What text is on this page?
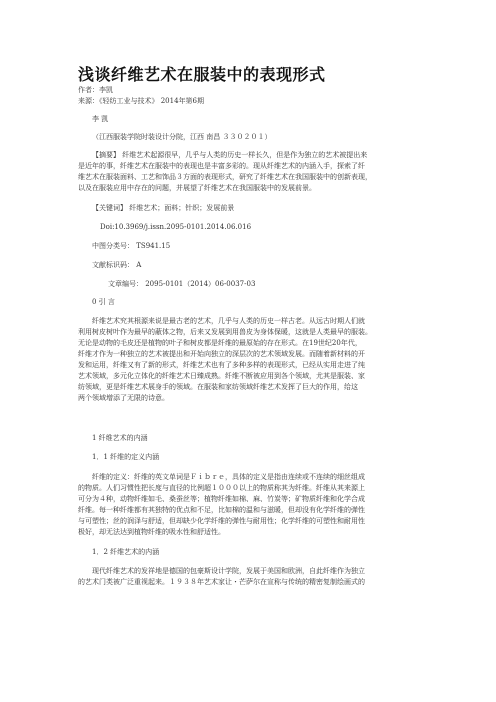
浅谈纤维艺术在服装中的表现形式
作者：李凯
来源：《轻纺工业与技术》 2014年第6期
李 凯
（江西服装学院时装设计分院，江西 南昌 ３３０２０１）
【摘要】 纤维艺术起源很早，几乎与人类的历史一样长久，但是作为独立的艺术被提出来
是近年的事，纤维艺术在服装中的表现也是丰富多彩的。现从纤维艺术的内涵入手，探索了纤
维艺术在服装面料、工艺和饰品３方面的表现形式，研究了纤维艺术在我国服装中的创新表现，
以及在服装应用中存在的问题，并展望了纤维艺术在我国服装中的发展前景。
【关键词】 纤维艺术；面料；针织；发展前景
Doi:10.3969/j.issn.2095-0101.2014.06.016
中图分类号： TS941.15
文献标识码： A
文章编号： 2095-0101（2014）06-0037-03
0 引 言
纤维艺术究其根源来说是最古老的艺术，几乎与人类的历史一样古老。从远古时期人们就
利用树皮树叶作为最早的蔽体之物，后来又发展到用兽皮为身体保暖，这就是人类最早的服装。
无论是动物的毛皮还是植物的叶子和树皮都是纤维的最原始的存在形式。在19世纪20年代，
纤维才作为一种独立的艺术被提出和开始向独立的深层次的艺术领域发展。而随着新材料的开
发和运用，纤维又有了新的形式，纤维艺术也有了多种多样的表现形式，已经从实用走进了纯
艺术领域，多元化立体化的纤维艺术日臻成熟。纤维不断被应用到各个领域，尤其是服装、家
纺领域，更是纤维艺术展身手的领域。在服装和家纺领域纤维艺术发挥了巨大的作用，给这
两个领域增添了无限的诗意。
1 纤维艺术的内涵
1．1 纤维的定义内涵
纤维的定义：纤维的英文单词是Ｆｉｂｒｅ，具体的定义是指由连续或不连续的细丝组成
的物质。人们习惯性把长度与直径的比例超１０００以上的物质称其为纤维。纤维从其来源上
可分为４种，动物纤维如毛、桑蚕丝等；植物纤维如棉、麻、竹炭等；矿物质纤维和化学合成
纤维。每一种纤维都有其独特的优点和不足，比如棉的温和与滋暖，但却没有化学纤维的弹性
与可塑性；丝的润泽与舒适，但却缺少化学纤维的弹性与耐用性；化学纤维的可塑性和耐用性
极好，却无法达到植物纤维的吸水性和舒适性。
1．2 纤维艺术的内涵
现代纤维艺术的发祥地是德国的包豪斯设计学院，发展于美国和欧洲，自此纤维作为独立
的艺术门类被广泛重视起来。１９３８年艺术家让・芒萨尔在宣称与传统的精密复制绘画式的
